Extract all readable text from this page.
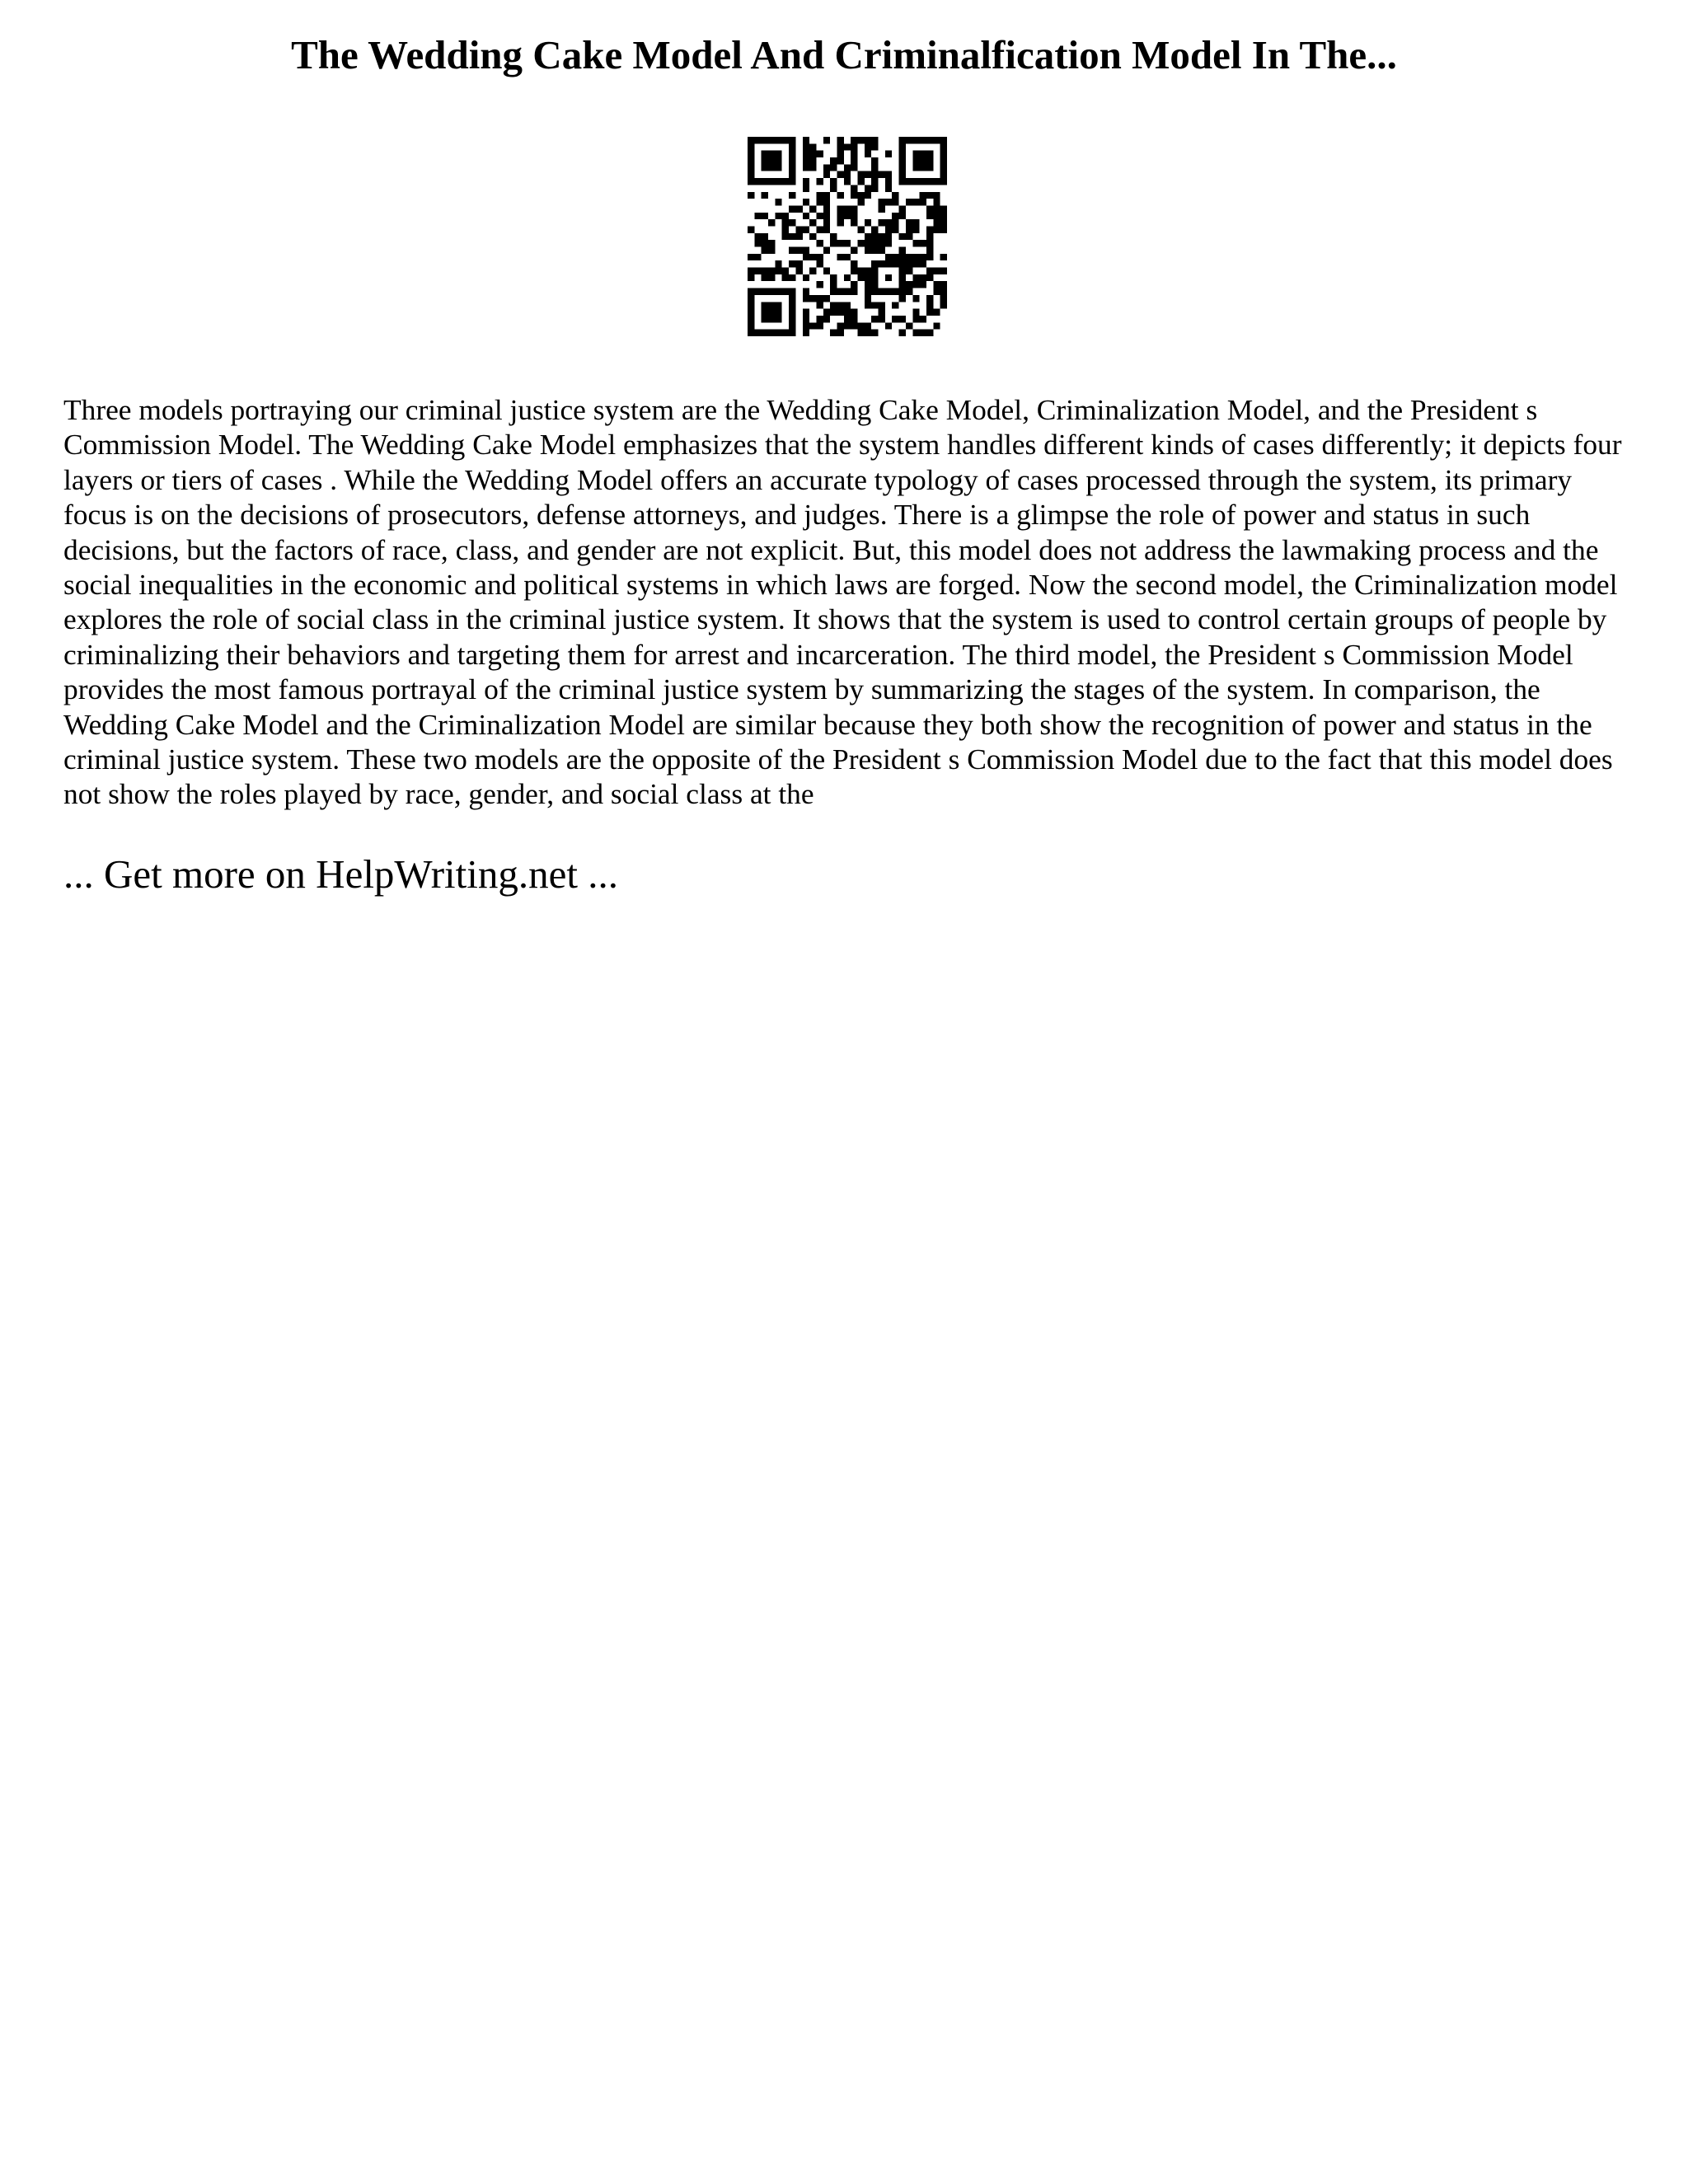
The Wedding Cake Model And Criminalfication Model In The...

Three models portraying our criminal justice system are the Wedding Cake Model, Criminalization Model, and the President s Commission Model. The Wedding Cake Model emphasizes that the system handles different kinds of cases differently; it depicts four layers or tiers of cases . While the Wedding Model offers an accurate typology of cases processed through the system, its primary focus is on the decisions of prosecutors, defense attorneys, and judges. There is a glimpse the role of power and status in such decisions, but the factors of race, class, and gender are not explicit. But, this model does not address the lawmaking process and the social inequalities in the economic and political systems in which laws are forged. Now the second model, the Criminalization model explores the role of social class in the criminal justice system. It shows that the system is used to control certain groups of people by criminalizing their behaviors and targeting them for arrest and incarceration. The third model, the President s Commission Model provides the most famous portrayal of the criminal justice system by summarizing the stages of the system. In comparison, the Wedding Cake Model and the Criminalization Model are similar because they both show the recognition of power and status in the criminal justice system. These two models are the opposite of the President s Commission Model due to the fact that this model does not show the roles played by race, gender, and social class at the

... Get more on HelpWriting.net ...
